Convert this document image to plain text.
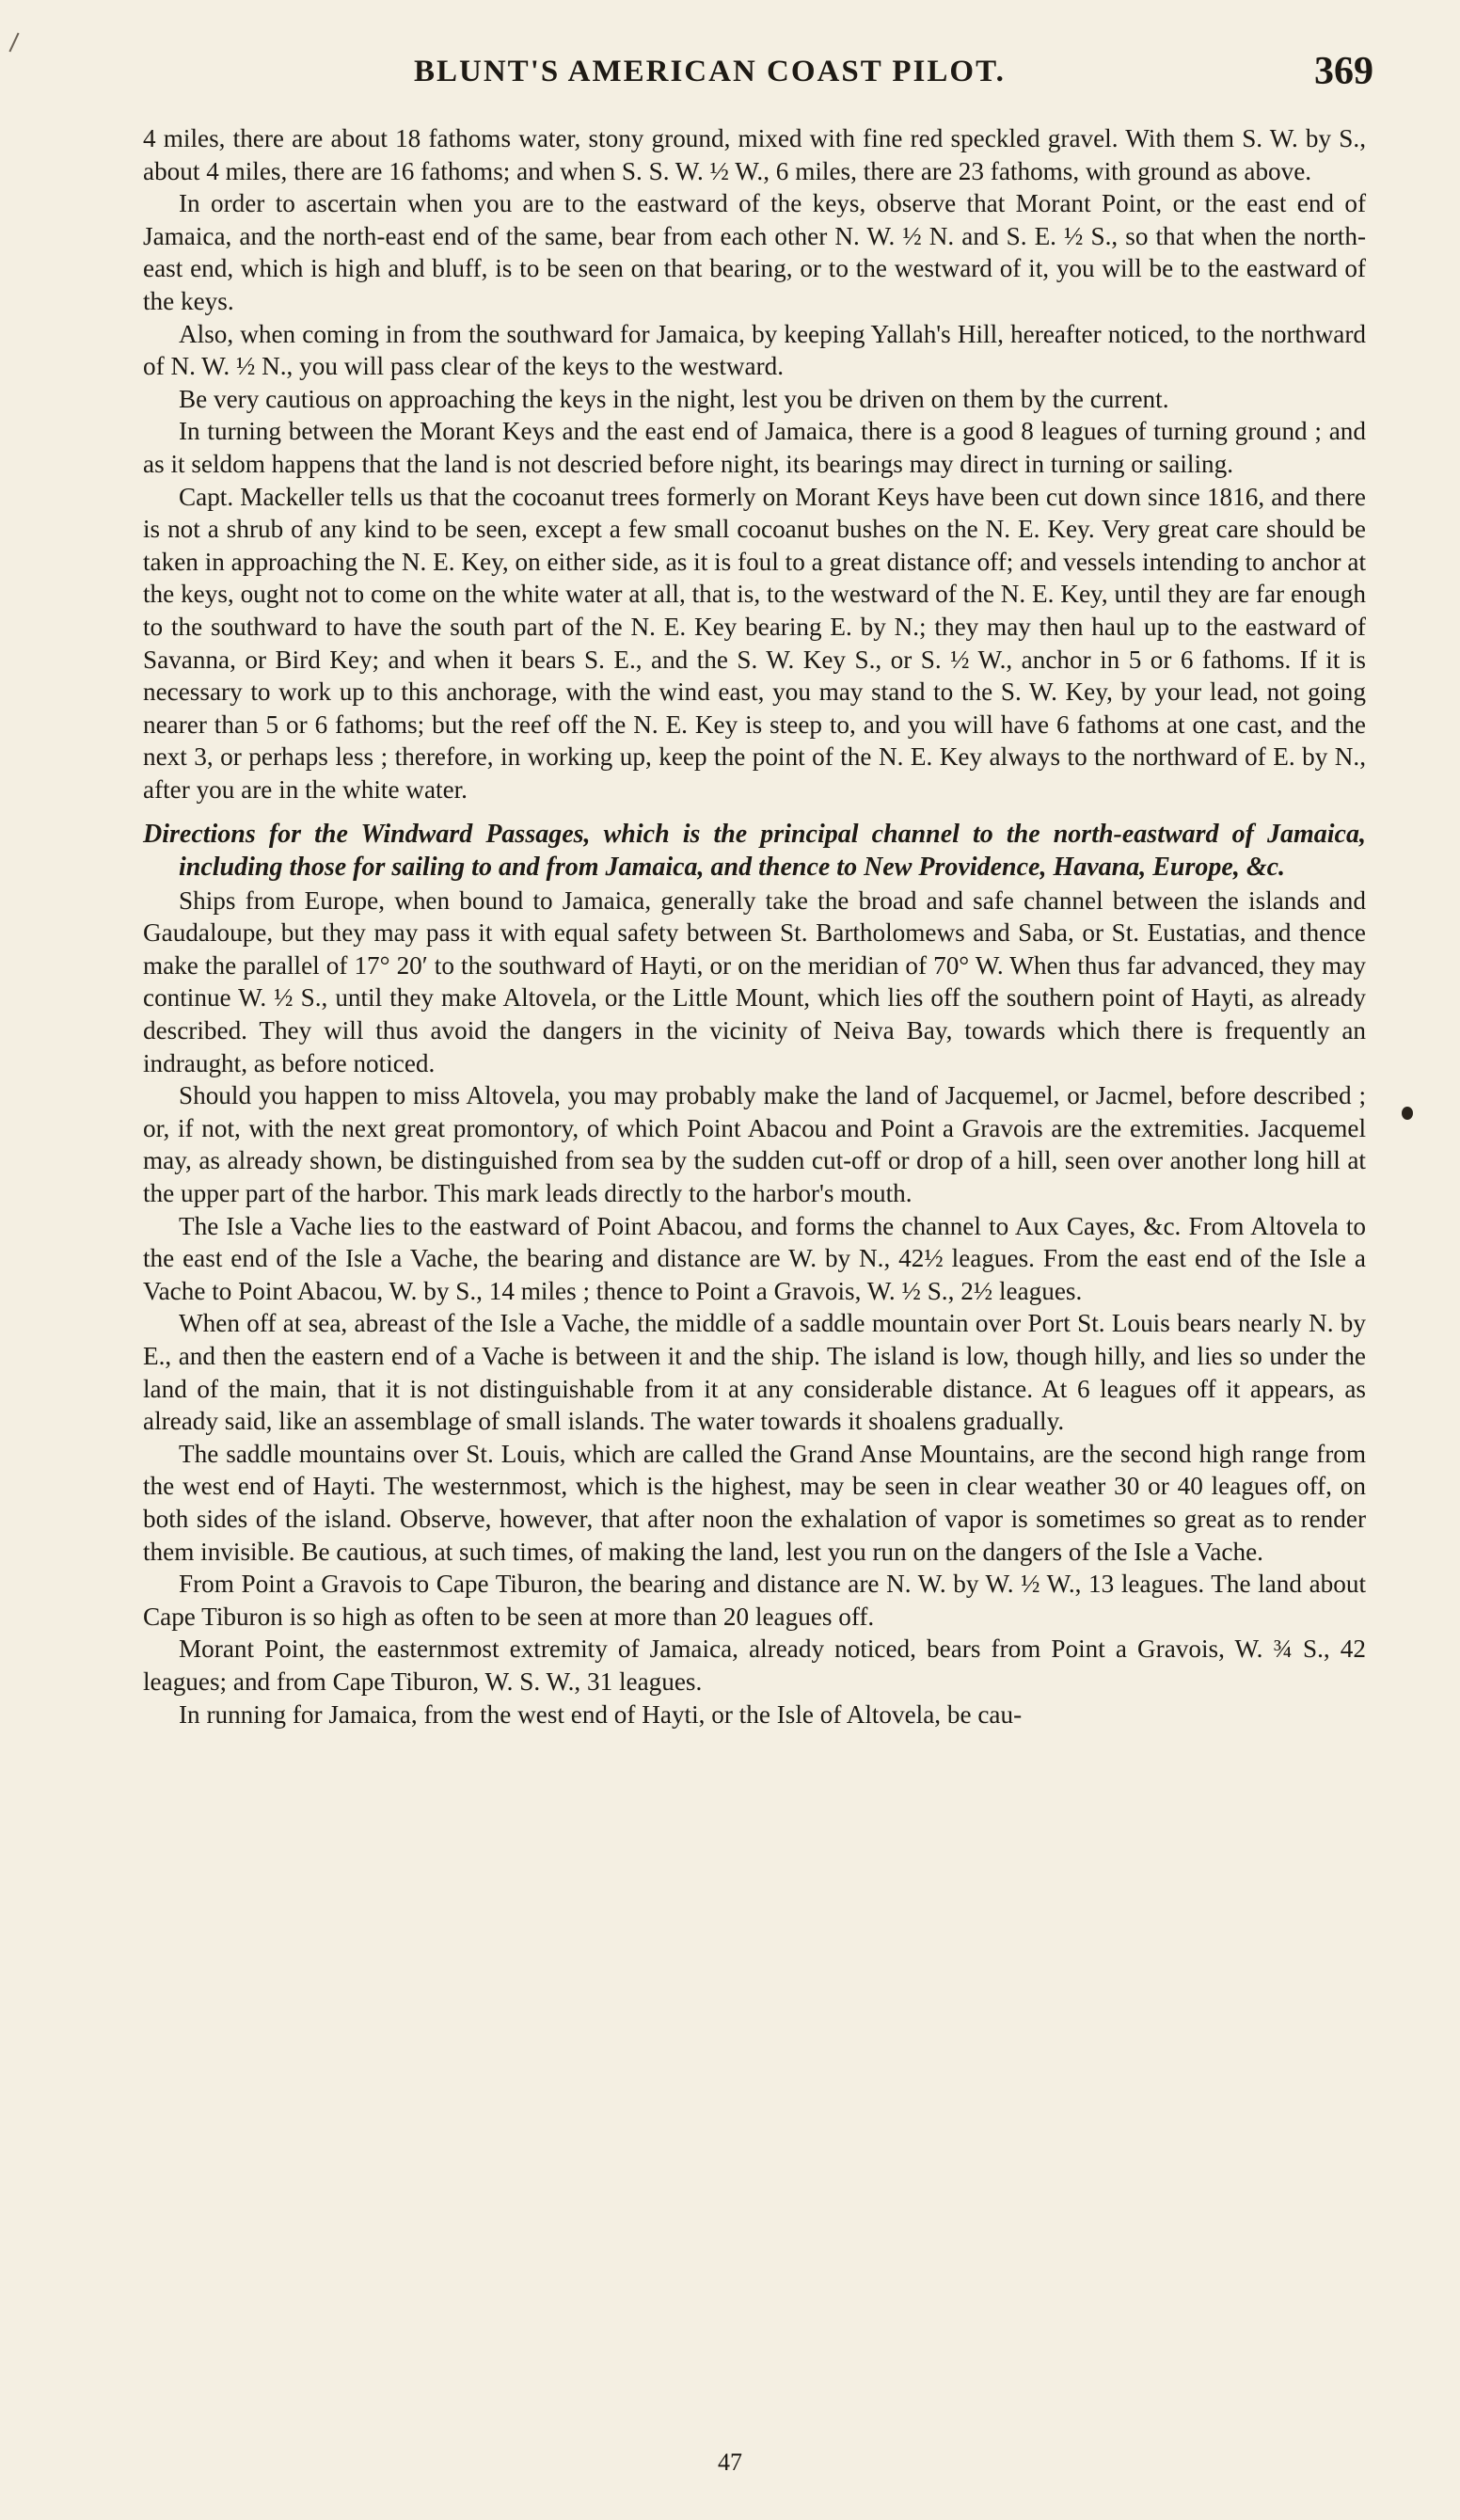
BLUNT'S AMERICAN COAST PILOT.	369

4 miles, there are about 18 fathoms water, stony ground, mixed with fine red speckled gravel. With them S. W. by S., about 4 miles, there are 16 fathoms; and when S. S. W. ½ W., 6 miles, there are 23 fathoms, with ground as above.

In order to ascertain when you are to the eastward of the keys, observe that Morant Point, or the east end of Jamaica, and the north-east end of the same, bear from each other N. W. ½ N. and S. E. ½ S., so that when the north-east end, which is high and bluff, is to be seen on that bearing, or to the westward of it, you will be to the eastward of the keys.

Also, when coming in from the southward for Jamaica, by keeping Yallah's Hill, hereafter noticed, to the northward of N. W. ½ N., you will pass clear of the keys to the westward.

Be very cautious on approaching the keys in the night, lest you be driven on them by the current.

In turning between the Morant Keys and the east end of Jamaica, there is a good 8 leagues of turning ground ; and as it seldom happens that the land is not descried before night, its bearings may direct in turning or sailing.

Capt. Mackeller tells us that the cocoanut trees formerly on Morant Keys have been cut down since 1816, and there is not a shrub of any kind to be seen, except a few small cocoanut bushes on the N. E. Key. Very great care should be taken in approaching the N. E. Key, on either side, as it is foul to a great distance off; and vessels intending to anchor at the keys, ought not to come on the white water at all, that is, to the westward of the N. E. Key, until they are far enough to the southward to have the south part of the N. E. Key bearing E. by N.; they may then haul up to the eastward of Savanna, or Bird Key; and when it bears S. E., and the S. W. Key S., or S. ½ W., anchor in 5 or 6 fathoms. If it is necessary to work up to this anchorage, with the wind east, you may stand to the S. W. Key, by your lead, not going nearer than 5 or 6 fathoms; but the reef off the N. E. Key is steep to, and you will have 6 fathoms at one cast, and the next 3, or perhaps less ; therefore, in working up, keep the point of the N. E. Key always to the northward of E. by N., after you are in the white water.

Directions for the Windward Passages, which is the principal channel to the north-eastward of Jamaica, including those for sailing to and from Jamaica, and thence to New Providence, Havana, Europe, &c.

Ships from Europe, when bound to Jamaica, generally take the broad and safe channel between the islands and Gaudaloupe, but they may pass it with equal safety between St. Bartholomews and Saba, or St. Eustatias, and thence make the parallel of 17° 20′ to the southward of Hayti, or on the meridian of 70° W. When thus far advanced, they may continue W. ½ S., until they make Altovela, or the Little Mount, which lies off the southern point of Hayti, as already described. They will thus avoid the dangers in the vicinity of Neiva Bay, towards which there is frequently an indraught, as before noticed.

Should you happen to miss Altovela, you may probably make the land of Jacquemel, or Jacmel, before described ; or, if not, with the next great promontory, of which Point Abacou and Point a Gravois are the extremities. Jacquemel may, as already shown, be distinguished from sea by the sudden cut-off or drop of a hill, seen over another long hill at the upper part of the harbor. This mark leads directly to the harbor's mouth.

The Isle a Vache lies to the eastward of Point Abacou, and forms the channel to Aux Cayes, &c. From Altovela to the east end of the Isle a Vache, the bearing and distance are W. by N., 42½ leagues. From the east end of the Isle a Vache to Point Abacou, W. by S., 14 miles ; thence to Point a Gravois, W. ½ S., 2½ leagues.

When off at sea, abreast of the Isle a Vache, the middle of a saddle mountain over Port St. Louis bears nearly N. by E., and then the eastern end of a Vache is between it and the ship. The island is low, though hilly, and lies so under the land of the main, that it is not distinguishable from it at any considerable distance. At 6 leagues off it appears, as already said, like an assemblage of small islands. The water towards it shoalens gradually.

The saddle mountains over St. Louis, which are called the Grand Anse Mountains, are the second high range from the west end of Hayti. The westernmost, which is the highest, may be seen in clear weather 30 or 40 leagues off, on both sides of the island. Observe, however, that after noon the exhalation of vapor is sometimes so great as to render them invisible. Be cautious, at such times, of making the land, lest you run on the dangers of the Isle a Vache.

From Point a Gravois to Cape Tiburon, the bearing and distance are N. W. by W. ½ W., 13 leagues. The land about Cape Tiburon is so high as often to be seen at more than 20 leagues off.

Morant Point, the easternmost extremity of Jamaica, already noticed, bears from Point a Gravois, W. ¾ S., 42 leagues; and from Cape Tiburon, W. S. W., 31 leagues.

In running for Jamaica, from the west end of Hayti, or the Isle of Altovela, be cau-

47
